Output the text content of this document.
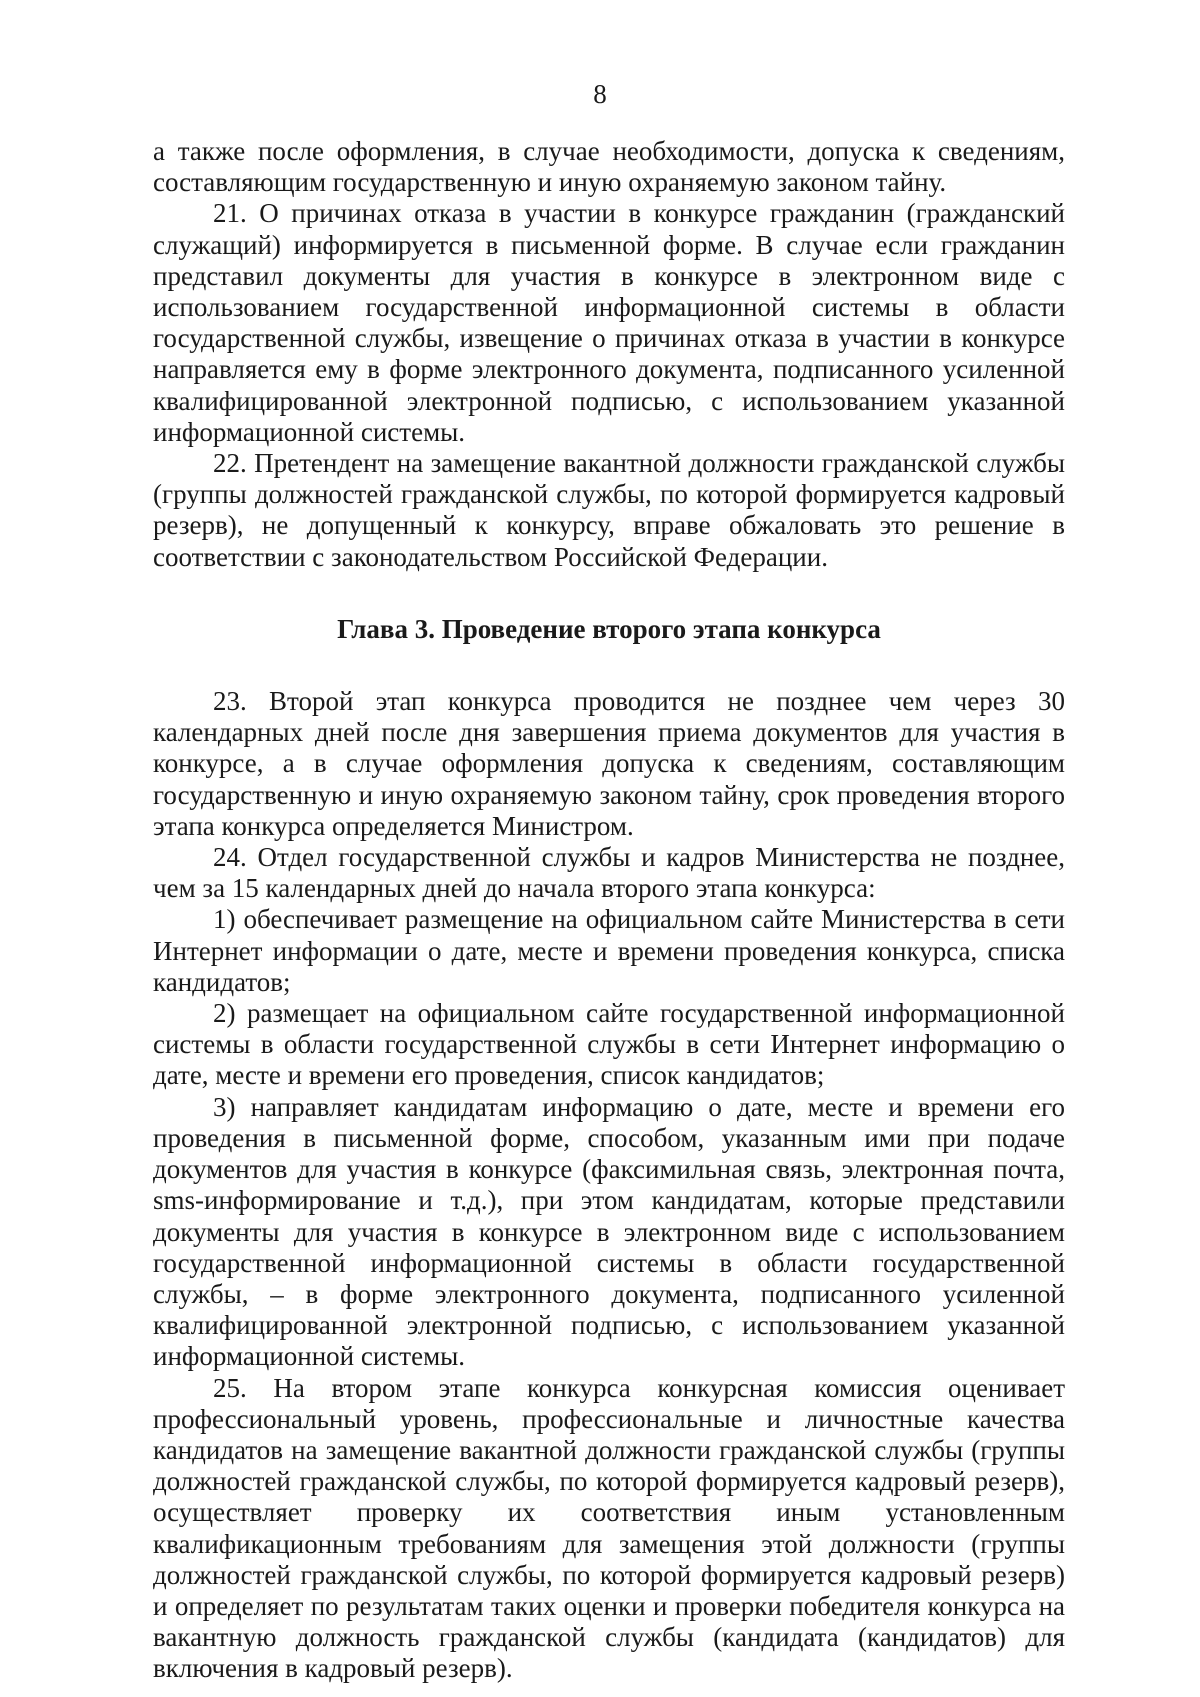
8

а также после оформления, в случае необходимости, допуска к сведениям, составляющим государственную и иную охраняемую законом тайну.

21. О причинах отказа в участии в конкурсе гражданин (гражданский служащий) информируется в письменной форме. В случае если гражданин представил документы для участия в конкурсе в электронном виде с использованием государственной информационной системы в области государственной службы, извещение о причинах отказа в участии в конкурсе направляется ему в форме электронного документа, подписанного усиленной квалифицированной электронной подписью, с использованием указанной информационной системы.

22. Претендент на замещение вакантной должности гражданской службы (группы должностей гражданской службы, по которой формируется кадровый резерв), не допущенный к конкурсу, вправе обжаловать это решение в соответствии с законодательством Российской Федерации.

Глава 3. Проведение второго этапа конкурса

23. Второй этап конкурса проводится не позднее чем через 30 календарных дней после дня завершения приема документов для участия в конкурсе, а в случае оформления допуска к сведениям, составляющим государственную и иную охраняемую законом тайну, срок проведения второго этапа конкурса определяется Министром.

24. Отдел государственной службы и кадров Министерства не позднее, чем за 15 календарных дней до начала второго этапа конкурса:

1) обеспечивает размещение на официальном сайте Министерства в сети Интернет информации о дате, месте и времени проведения конкурса, списка кандидатов;

2) размещает на официальном сайте государственной информационной системы в области государственной службы в сети Интернет информацию о дате, месте и времени его проведения, список кандидатов;

3) направляет кандидатам информацию о дате, месте и времени его проведения в письменной форме, способом, указанным ими при подаче документов для участия в конкурсе (факсимильная связь, электронная почта, sms-информирование и т.д.), при этом кандидатам, которые представили документы для участия в конкурсе в электронном виде с использованием государственной информационной системы в области государственной службы, – в форме электронного документа, подписанного усиленной квалифицированной электронной подписью, с использованием указанной информационной системы.

25. На втором этапе конкурса конкурсная комиссия оценивает профессиональный уровень, профессиональные и личностные качества кандидатов на замещение вакантной должности гражданской службы (группы должностей гражданской службы, по которой формируется кадровый резерв), осуществляет проверку их соответствия иным установленным квалификационным требованиям для замещения этой должности (группы должностей гражданской службы, по которой формируется кадровый резерв) и определяет по результатам таких оценки и проверки победителя конкурса на вакантную должность гражданской службы (кандидата (кандидатов) для включения в кадровый резерв).
